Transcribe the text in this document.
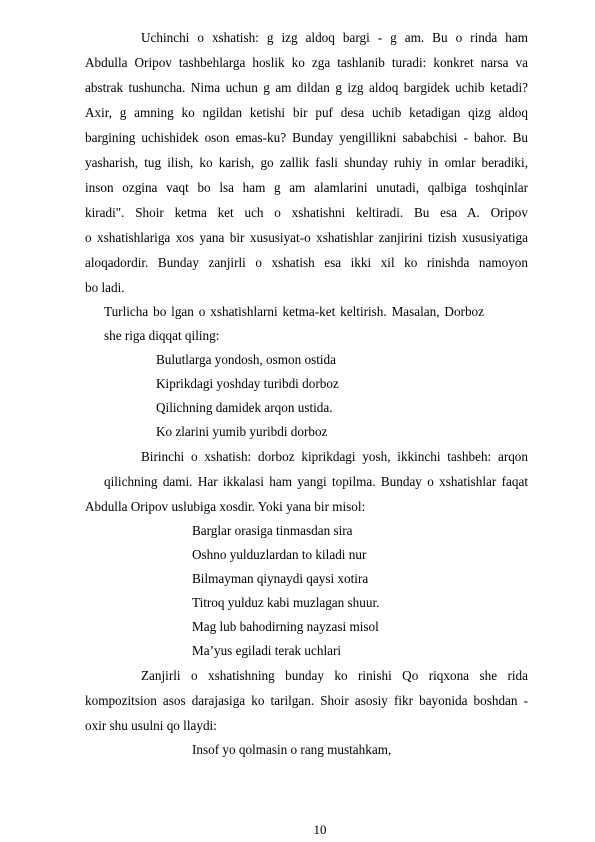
Uchinchi o xshatish: g izg aldoq bargi - g am. Bu o rinda ham
Abdulla Oripov tashbehlarga hoslik ko zga tashlanib turadi: konkret narsa va
abstrak tushuncha. Nima uchun g am dildan g izg aldoq bargidek uchib ketadi?
Axir, g amning ko ngildan ketishi bir puf desa uchib ketadigan qizg aldoq
bargining uchishidek oson emas-ku? Bunday yengillikni sababchisi - bahor. Bu
yasharish, tug ilish, ko karish, go zallik fasli shunday ruhiy in omlar beradiki,
inson ozgina vaqt bo lsa ham g am alamlarini unutadi, qalbiga toshqinlar
kiradi". Shoir ketma ket uch o xshatishni keltiradi. Bu esa A. Oripov
o xshatishlariga xos yana bir xususiyat-o xshatishlar zanjirini tizish xususiyatiga
aloqadordir. Bunday zanjirli o xshatish esa ikki xil ko rinishda namoyon
bo ladi.
Turlicha bo lgan o xshatishlarni ketma-ket keltirish. Masalan, Dorboz
she riga diqqat qiling:
Bulutlarga yondosh, osmon ostida
Kiprikdagi yoshday turibdi dorboz
Qilichning damidek arqon ustida.
Ko zlarini yumib yuribdi dorboz
Birinchi o xshatish: dorboz kiprikdagi yosh, ikkinchi tashbeh: arqon
qilichning dami. Har ikkalasi ham yangi topilma. Bunday o xshatishlar faqat
Abdulla Oripov uslubiga xosdir. Yoki yana bir misol:
Barglar orasiga tinmasdan sira
Oshno yulduzlardan to kiladi nur
Bilmayman qiynaydi qaysi xotira
Titroq yulduz kabi muzlagan shuur.
Mag lub bahodirning nayzasi misol
Ma’yus egiladi terak uchlari
Zanjirli o xshatishning bunday ko rinishi Qo riqxona she rida
kompozitsion asos darajasiga ko tarilgan. Shoir asosiy fikr bayonida boshdan -
oxir shu usulni qo llaydi:
Insof yo qolmasin o rang mustahkam,
10
